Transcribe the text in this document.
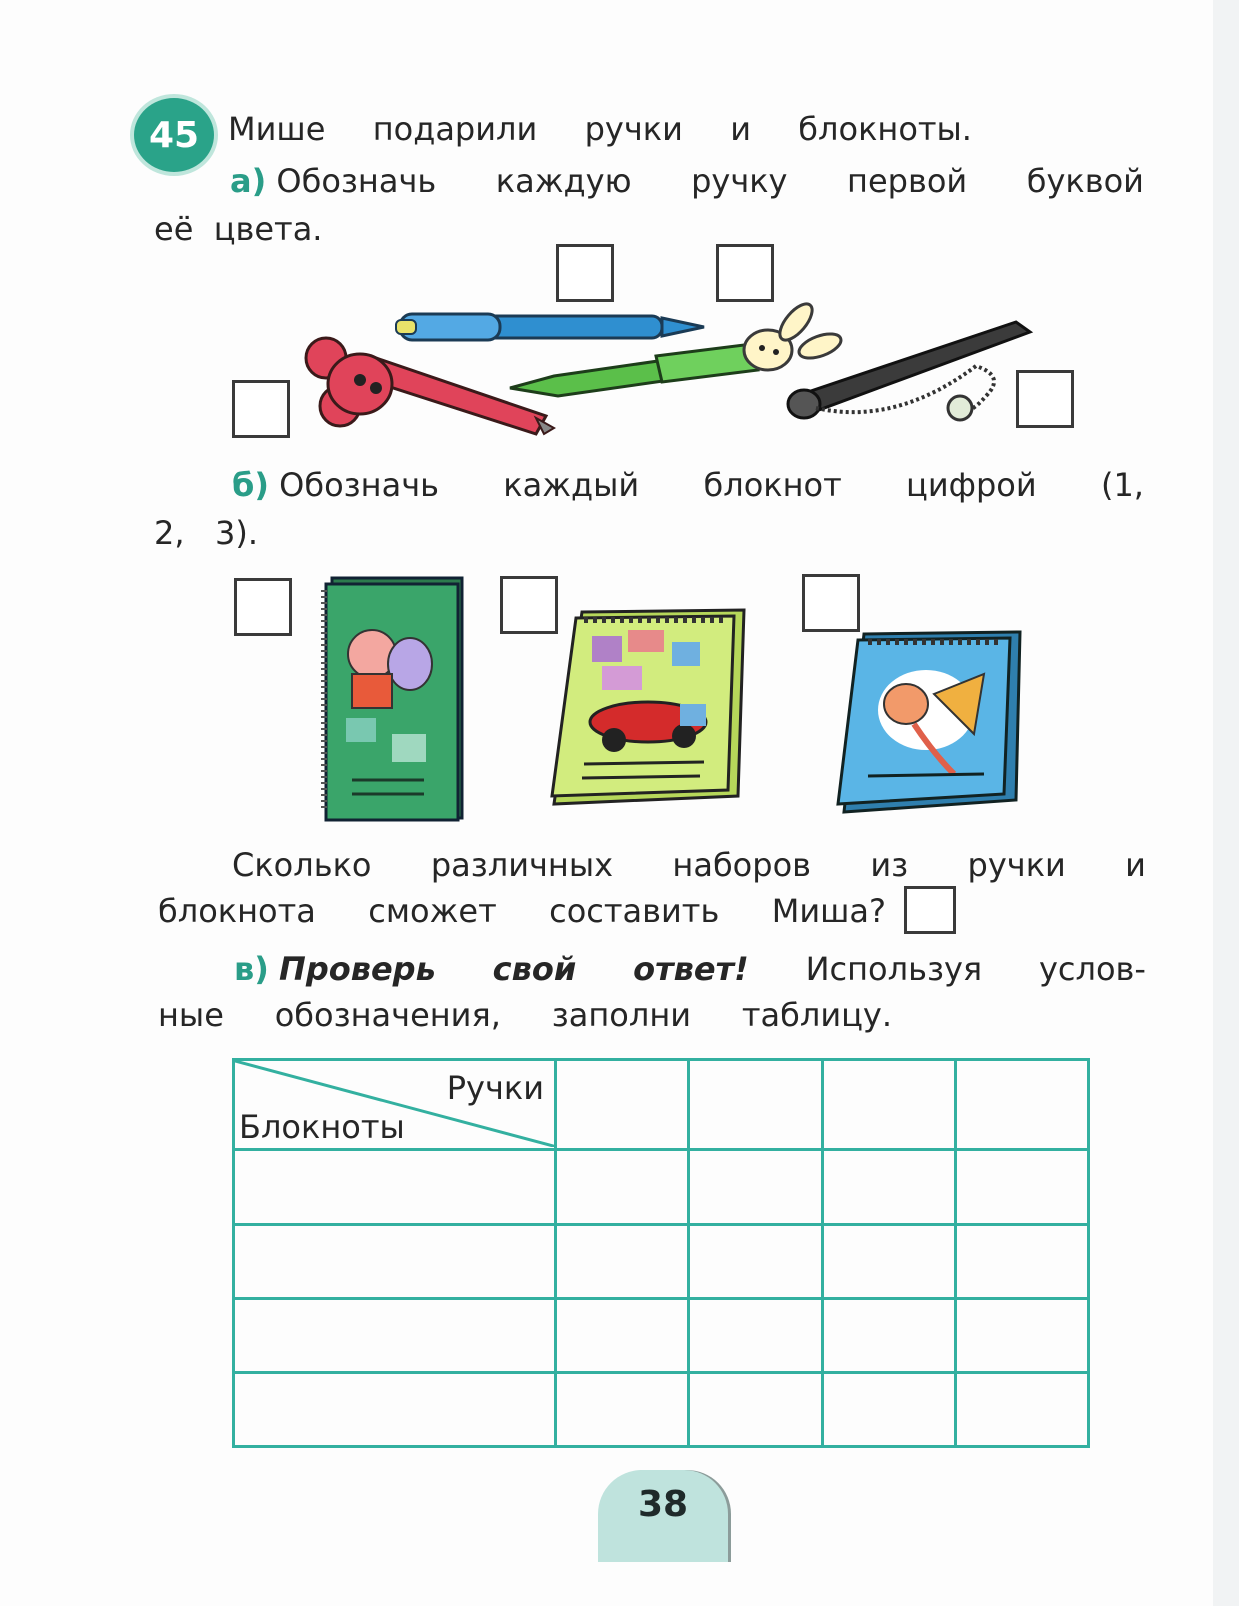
45 Мише подарили ручки и блокноты.
а) Обозначь каждую ручку первой буквой
её цвета.
б) Обозначь каждый блокнот цифрой (1,
2, 3).
Сколько различных наборов из ручки и
блокнота сможет составить Миша?
в) Проверь свой ответ! Используя услов-
ные обозначения, заполни таблицу.
Ручки
Блокноты				

38
